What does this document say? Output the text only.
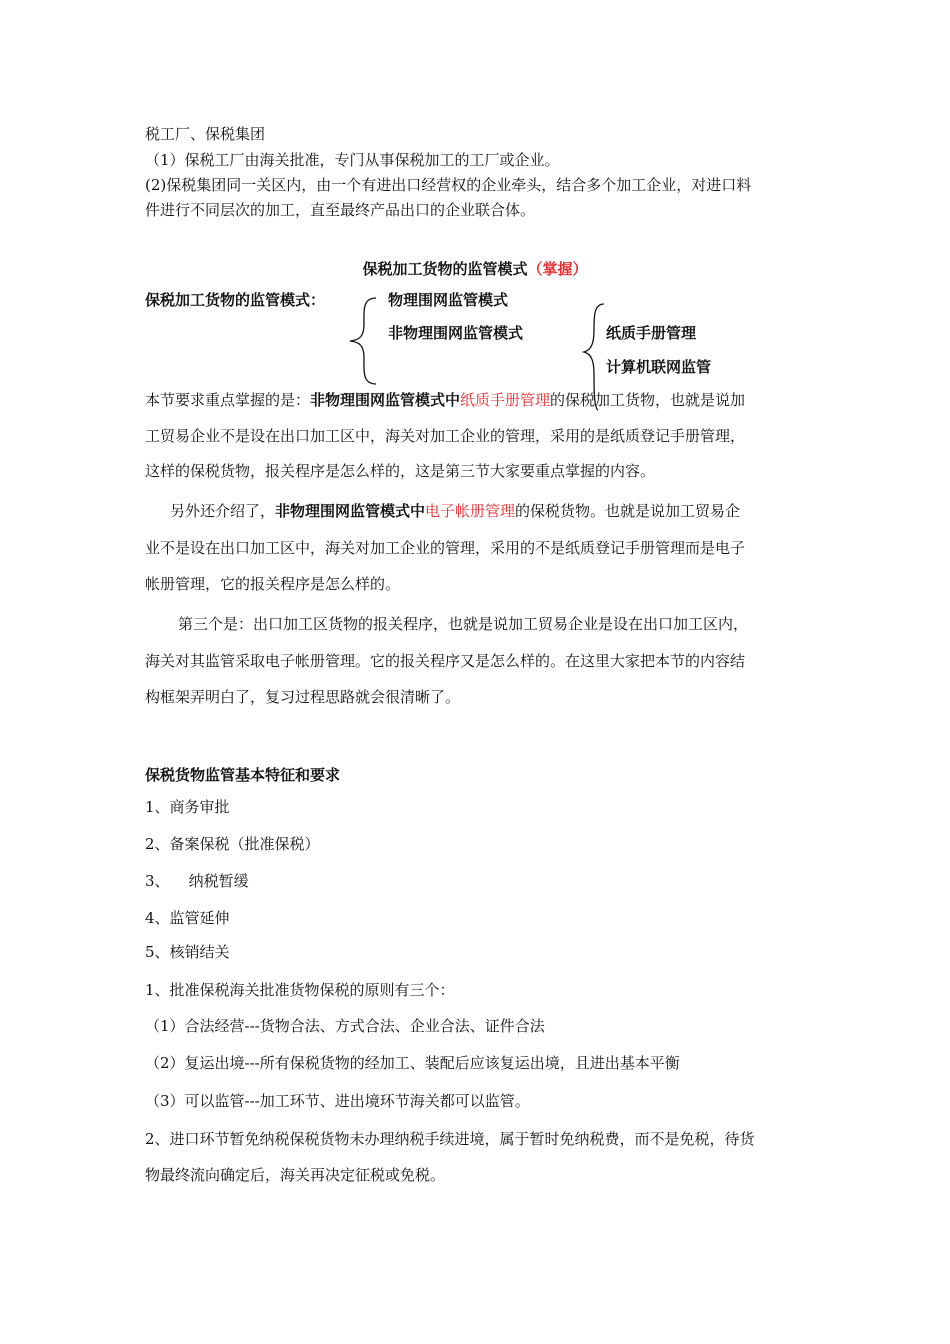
税工厂、保税集团
（1）保税工厂由海关批准，专门从事保税加工的工厂或企业。
(2)保税集团同一关区内，由一个有进出口经营权的企业牵头，结合多个加工企业，对进口料
件进行不同层次的加工，直至最终产品出口的企业联合体。
保税加工货物的监管模式（掌握）
保税加工货物的监管模式：	物理围网监管模式
非物理围网监管模式	纸质手册管理
计算机联网监管
本节要求重点掌握的是：非物理围网监管模式中纸质手册管理的保税加工货物，也就是说加
工贸易企业不是设在出口加工区中，海关对加工企业的管理，采用的是纸质登记手册管理，
这样的保税货物，报关程序是怎么样的，这是第三节大家要重点掌握的内容。
另外还介绍了，非物理围网监管模式中电子帐册管理的保税货物。也就是说加工贸易企
业不是设在出口加工区中，海关对加工企业的管理，采用的不是纸质登记手册管理而是电子
帐册管理，它的报关程序是怎么样的。
第三个是：出口加工区货物的报关程序，也就是说加工贸易企业是设在出口加工区内，
海关对其监管采取电子帐册管理。它的报关程序又是怎么样的。在这里大家把本节的内容结
构框架弄明白了，复习过程思路就会很清晰了。
保税货物监管基本特征和要求
1、商务审批
2、备案保税（批准保税）
3、    纳税暂缓
4、监管延伸
5、核销结关
1、批准保税海关批准货物保税的原则有三个：
（1）合法经营---货物合法、方式合法、企业合法、证件合法
（2）复运出境---所有保税货物的经加工、装配后应该复运出境，且进出基本平衡
（3）可以监管---加工环节、进出境环节海关都可以监管。
2、进口环节暂免纳税保税货物未办理纳税手续进境，属于暂时免纳税费，而不是免税，待货
物最终流向确定后，海关再决定征税或免税。
